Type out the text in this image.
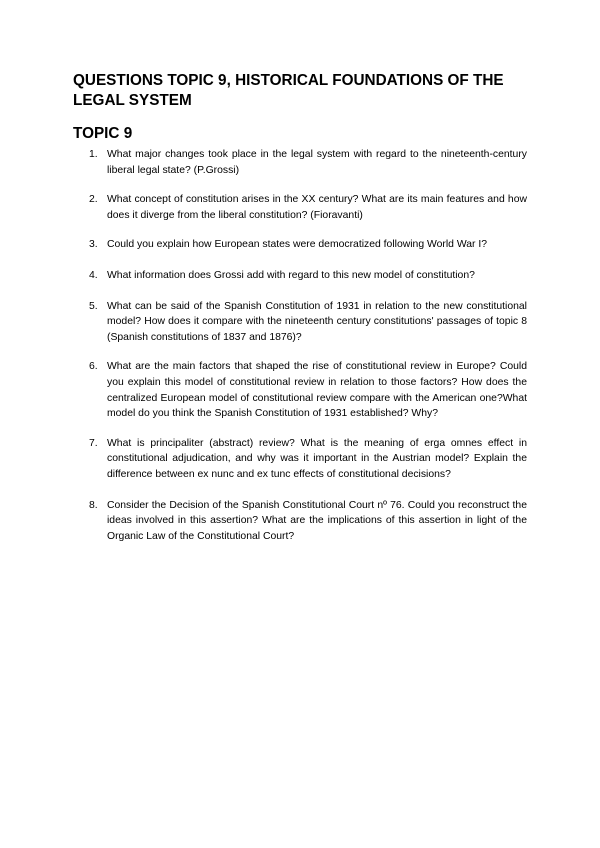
QUESTIONS TOPIC 9, HISTORICAL FOUNDATIONS OF THE LEGAL SYSTEM
TOPIC 9
1. What major changes took place in the legal system with regard to the nineteenth-century liberal legal state? (P.Grossi)
2. What concept of constitution arises in the XX century? What are its main features and how does it diverge from the liberal constitution? (Fioravanti)
3. Could you explain how European states were democratized following World War I?
4. What information does Grossi add with regard to this new model of constitution?
5. What can be said of the Spanish Constitution of 1931 in relation to the new constitutional model? How does it compare with the nineteenth century constitutions' passages of topic 8 (Spanish constitutions of 1837 and 1876)?
6. What are the main factors that shaped the rise of constitutional review in Europe? Could you explain this model of constitutional review in relation to those factors? How does the centralized European model of constitutional review compare with the American one?What model do you think the Spanish Constitution of 1931 established? Why?
7. What is principaliter (abstract) review? What is the meaning of erga omnes effect in constitutional adjudication, and why was it important in the Austrian model? Explain the difference between ex nunc and ex tunc effects of constitutional decisions?
8. Consider the Decision of the Spanish Constitutional Court nº 76. Could you reconstruct the ideas involved in this assertion? What are the implications of this assertion in light of the Organic Law of the Constitutional Court?
